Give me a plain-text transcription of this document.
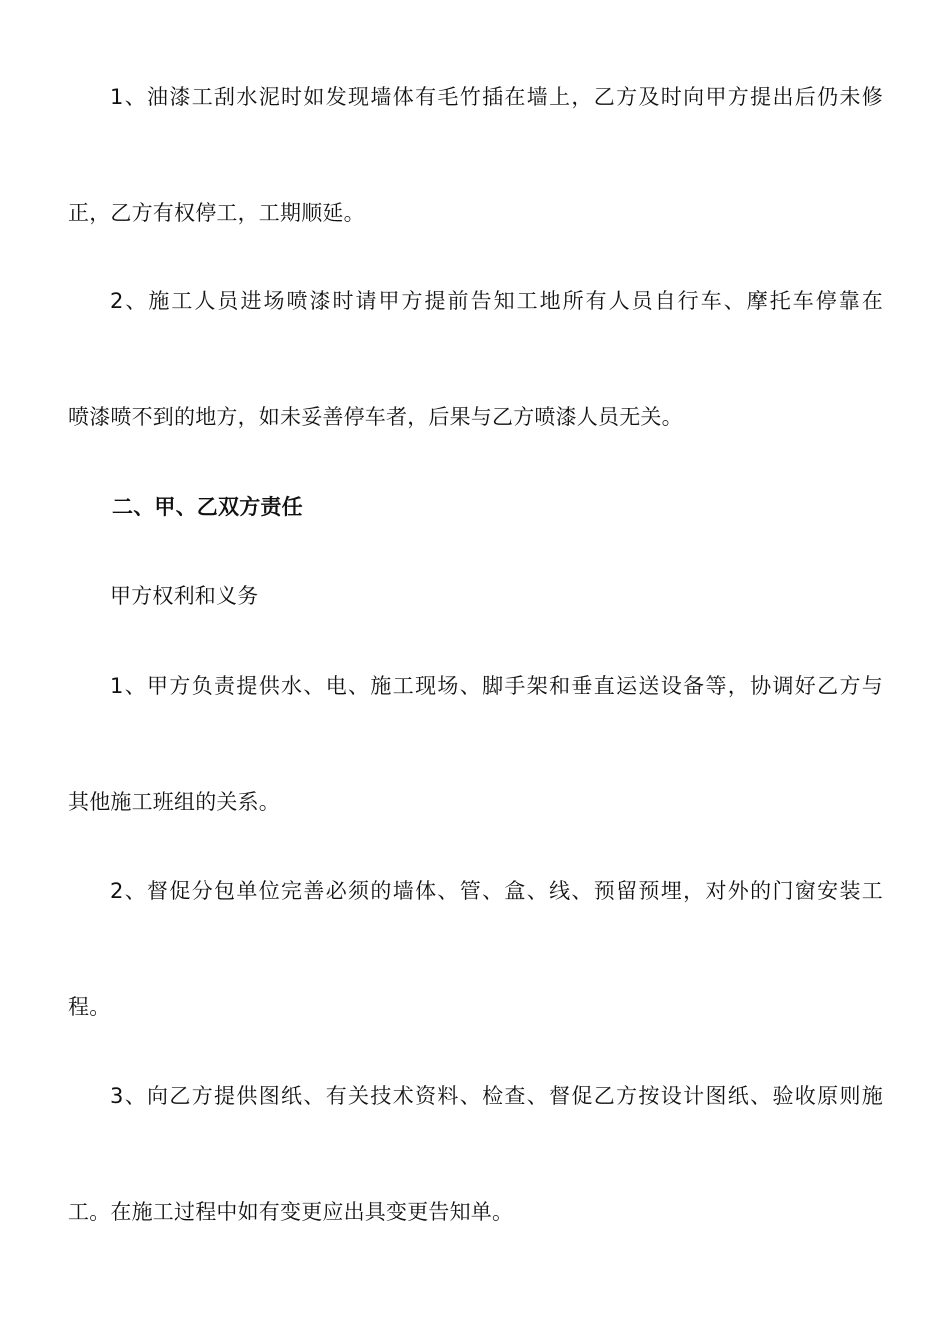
1、油漆工刮水泥时如发现墙体有毛竹插在墙上，乙方及时向甲方提出后仍未修
正，乙方有权停工，工期顺延。
2、施工人员进场喷漆时请甲方提前告知工地所有人员自行车、摩托车停靠在
喷漆喷不到的地方，如未妥善停车者，后果与乙方喷漆人员无关。
二、甲、乙双方责任
甲方权利和义务
1、甲方负责提供水、电、施工现场、脚手架和垂直运送设备等，协调好乙方与
其他施工班组的关系。
2、督促分包单位完善必须的墙体、管、盒、线、预留预埋，对外的门窗安装工
程。
3、向乙方提供图纸、有关技术资料、检查、督促乙方按设计图纸、验收原则施
工。在施工过程中如有变更应出具变更告知单。
